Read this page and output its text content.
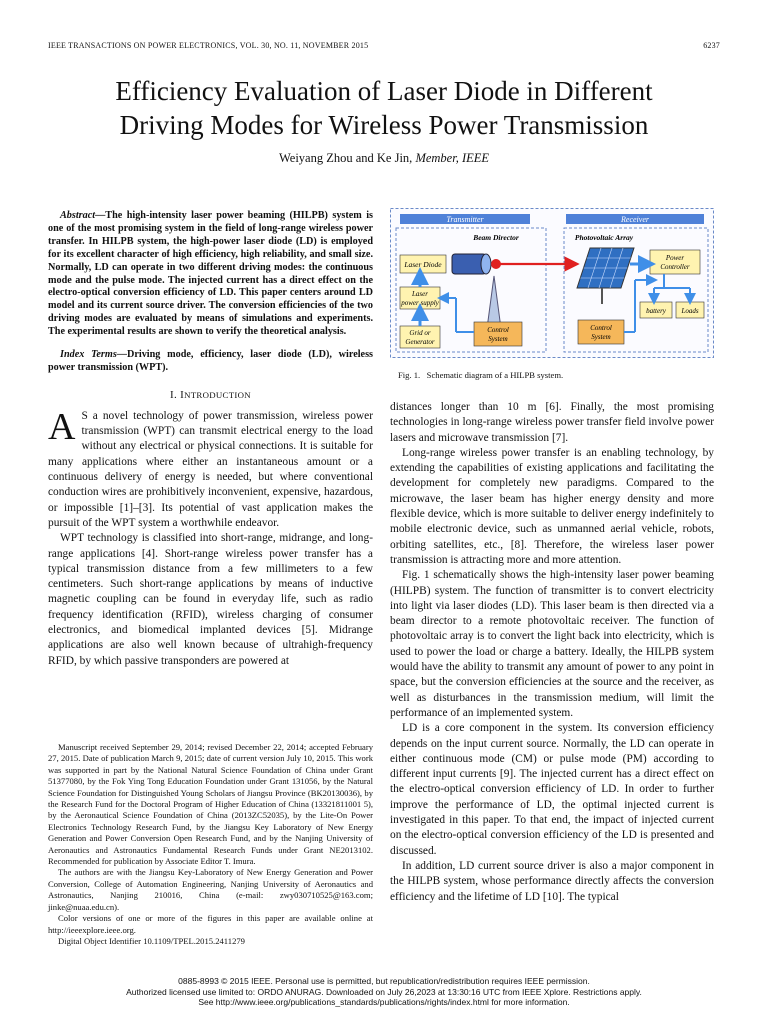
IEEE TRANSACTIONS ON POWER ELECTRONICS, VOL. 30, NO. 11, NOVEMBER 2015	6237
Efficiency Evaluation of Laser Diode in Different
Driving Modes for Wireless Power Transmission
Weiyang Zhou and Ke Jin, Member, IEEE

Abstract—The high-intensity laser power beaming (HILPB) system is one of the most promising system in the field of long-range wireless power transfer. In HILPB system, the high-power laser diode (LD) is employed for its excellent character of high efficiency, high reliability, and small size. Normally, LD can operate in two different driving modes: the continuous mode and the pulse mode. The injected current has a direct effect on the electro-optical conversion efficiency of LD. This paper centers around LD model and its current source driver. The conversion efficiencies of the two driving modes are evaluated by means of simulations and experiments. The experimental results are shown to verify the theoretical analysis.

Index Terms—Driving mode, efficiency, laser diode (LD), wireless power transmission (WPT).

I. INTRODUCTION

A S a novel technology of power transmission, wireless power transmission (WPT) can transmit electrical energy to the load without any electrical or physical connections. It is suitable for many applications where either an instantaneous amount or a continuous delivery of energy is needed, but where conventional conduction wires are prohibitively inconvenient, expensive, hazardous, or impossible [1]–[3]. Its potential of vast application makes the pursuit of the WPT system a worthwhile endeavor.

WPT technology is classified into short-range, midrange, and long-range applications [4]. Short-range wireless power transfer has a typical transmission distance from a few millimeters to a few centimeters. Such short-range applications by means of inductive magnetic coupling can be found in everyday life, such as radio frequency identification (RFID), wireless charging of consumer electronics, and biomedical implanted devices [5]. Midrange applications are also well known because of ultrahigh-frequency RFID, by which passive transponders are powered at

Manuscript received September 29, 2014; revised December 22, 2014; accepted February 27, 2015. Date of publication March 9, 2015; date of current version July 10, 2015. This work was supported in part by the National Natural Science Foundation of China under Grant 51377080, by the Fok Ying Tong Education Foundation under Grant 131056, by the Natural Science Foundation for Distinguished Young Scholars of Jiangsu Province (BK20130036), by the Research Fund for the Doctoral Program of Higher Education of China (13321811001 5), by the Aeronautical Science Foundation of China (2013ZC52035), by the Lite-On Power Electronics Technology Research Fund, by the Jiangsu Key Laboratory of New Energy Generation and Power Conversion Open Research Fund, and by the Nanjing University of Aeronautics and Astronautics Fundamental Research Funds under Grant NE2013102. Recommended for publication by Associate Editor T. Imura.

The authors are with the Jiangsu Key-Laboratory of New Energy Generation and Power Conversion, College of Automation Engineering, Nanjing University of Aeronautics and Astronautics, Nanjing 210016, China (e-mail: zwy030710525@163.com; jinke@nuaa.edu.cn).

Color versions of one or more of the figures in this paper are available online at http://ieeexplore.ieee.org.

Digital Object Identifier 10.1109/TPEL.2015.2411279

Transmitter	Receiver
Beam Director	Photovoltaic Array
Laser Diode
Laser
power supply
Grid or
Generator
Control
System
Power
Controller
battery Loads
Control
System
Fig. 1. Schematic diagram of a HILPB system.

distances longer than 10 m [6]. Finally, the most promising technologies in long-range wireless power transfer field involve power lasers and microwave transmission [7].

Long-range wireless power transfer is an enabling technology, by extending the capabilities of existing applications and facilitating the development for completely new paradigms. Compared to the microwave, the laser beam has higher energy density and more flexible device, which is more suitable to deliver energy indefinitely to mobile electronic device, such as unmanned aerial vehicle, robots, orbiting satellites, etc., [8]. Therefore, the wireless laser power transmission is attracting more and more attention.

Fig. 1 schematically shows the high-intensity laser power beaming (HILPB) system. The function of transmitter is to convert electricity into light via laser diodes (LD). This laser beam is then directed via a beam director to a remote photovoltaic receiver. The function of photovoltaic array is to convert the light back into electricity, which is used to power the load or charge a battery. Ideally, the HILPB system would have the ability to transmit any amount of power to any point in space, but the conversion efficiencies at the source and the receiver, as well as disturbances in the transmission medium, will limit the performance of an implemented system.

LD is a core component in the system. Its conversion efficiency depends on the input current source. Normally, the LD can operate in either continuous mode (CM) or pulse mode (PM) according to different input currents [9]. The injected current has a direct effect on the electro-optical conversion efficiency of LD. In order to further improve the performance of LD, the optimal injected current is investigated in this paper. To that end, the impact of injected current on the electro-optical conversion efficiency of the LD is presented and discussed.

In addition, LD current source driver is also a major component in the HILPB system, whose performance directly affects the conversion efficiency and the lifetime of LD [10]. The typical

0885-8993 © 2015 IEEE. Personal use is permitted, but republication/redistribution requires IEEE permission.
Authorized licensed use limited to: ORDO ANURAG. Downloaded on July 26,2023 at 13:30:16 UTC from IEEE Xplore. Restrictions apply.
See http://www.ieee.org/publications_standards/publications/rights/index.html for more information.
